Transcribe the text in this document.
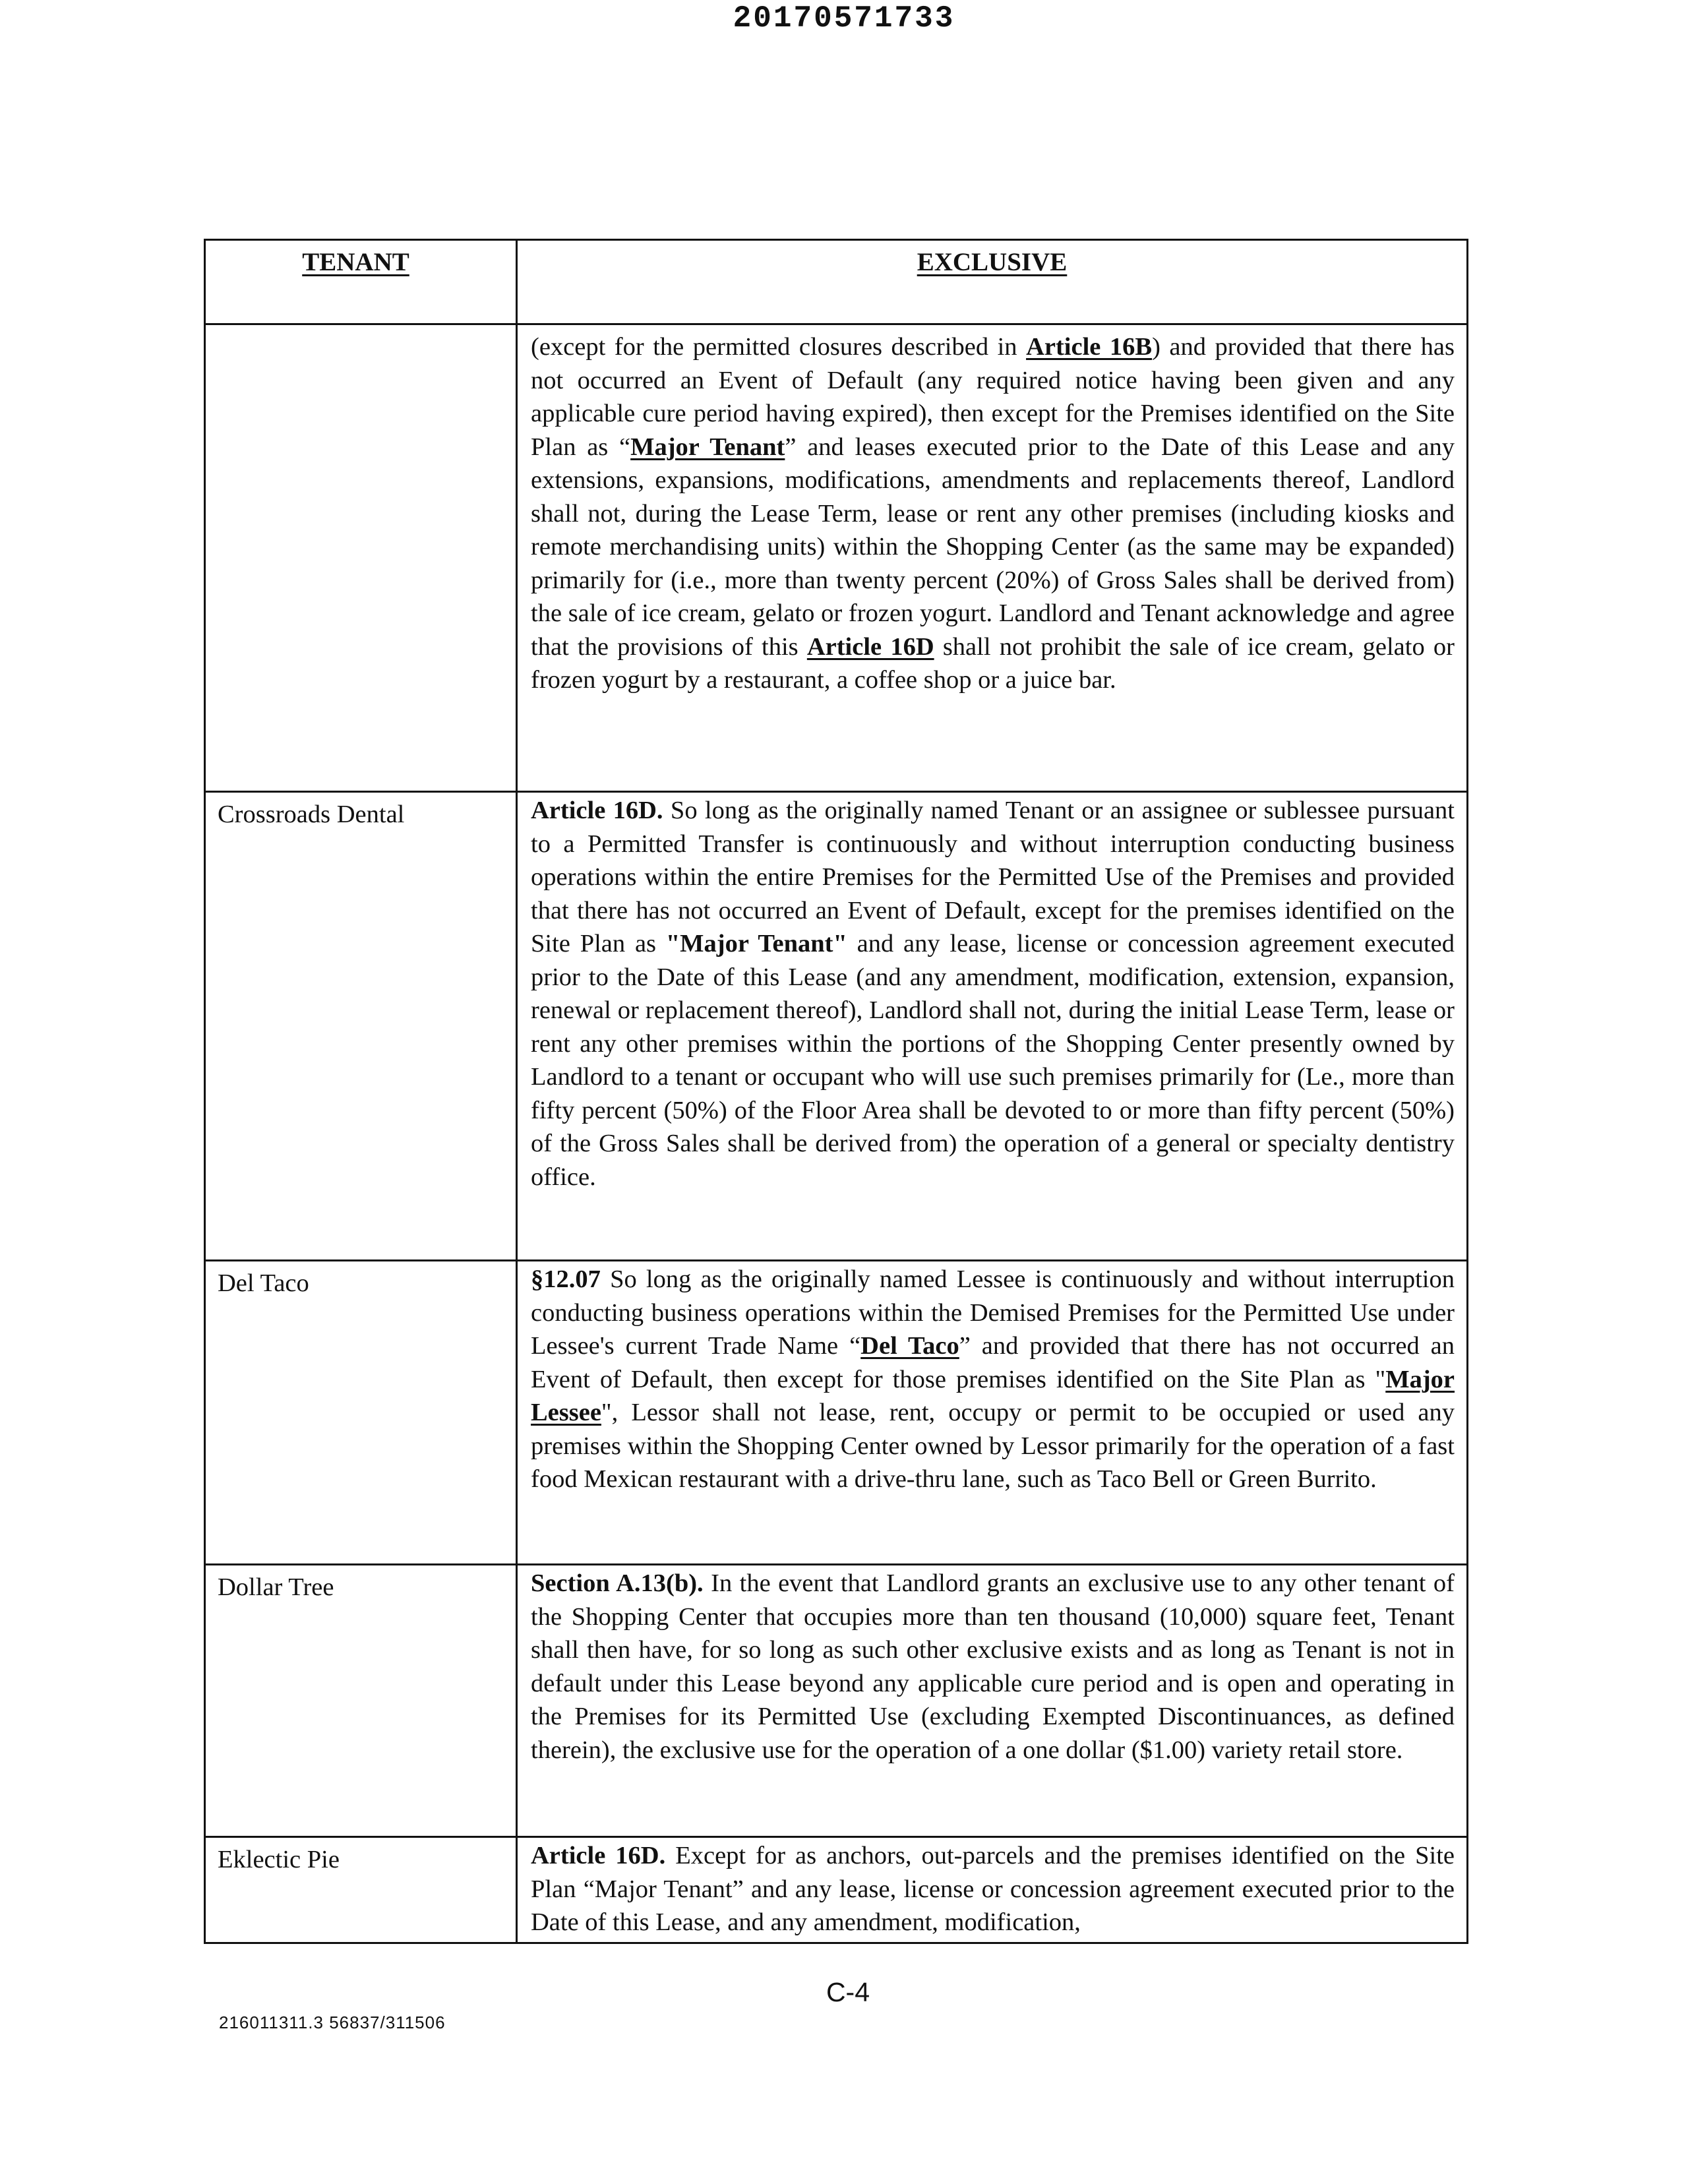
20170571733
TENANT	EXCLUSIVE

	(except for the permitted closures described in Article 16B) and provided that there has not occurred an Event of Default (any required notice having been given and any applicable cure period having expired), then except for the Premises identified on the Site Plan as “Major Tenant” and leases executed prior to the Date of this Lease and any extensions, expansions, modifications, amendments and replacements thereof, Landlord shall not, during the Lease Term, lease or rent any other premises (including kiosks and remote merchandising units) within the Shopping Center (as the same may be expanded) primarily for (i.e., more than twenty percent (20%) of Gross Sales shall be derived from) the sale of ice cream, gelato or frozen yogurt. Landlord and Tenant acknowledge and agree that the provisions of this Article 16D shall not prohibit the sale of ice cream, gelato or frozen yogurt by a restaurant, a coffee shop or a juice bar.

Crossroads Dental	Article 16D. So long as the originally named Tenant or an assignee or sublessee pursuant to a Permitted Transfer is continuously and without interruption conducting business operations within the entire Premises for the Permitted Use of the Premises and provided that there has not occurred an Event of Default, except for the premises identified on the Site Plan as "Major Tenant" and any lease, license or concession agreement executed prior to the Date of this Lease (and any amendment, modification, extension, expansion, renewal or replacement thereof), Landlord shall not, during the initial Lease Term, lease or rent any other premises within the portions of the Shopping Center presently owned by Landlord to a tenant or occupant who will use such premises primarily for (Le., more than fifty percent (50%) of the Floor Area shall be devoted to or more than fifty percent (50%) of the Gross Sales shall be derived from) the operation of a general or specialty dentistry office.

Del Taco	§12.07 So long as the originally named Lessee is continuously and without interruption conducting business operations within the Demised Premises for the Permitted Use under Lessee's current Trade Name “Del Taco” and provided that there has not occurred an Event of Default, then except for those premises identified on the Site Plan as "Major Lessee", Lessor shall not lease, rent, occupy or permit to be occupied or used any premises within the Shopping Center owned by Lessor primarily for the operation of a fast food Mexican restaurant with a drive-thru lane, such as Taco Bell or Green Burrito.

Dollar Tree	Section A.13(b). In the event that Landlord grants an exclusive use to any other tenant of the Shopping Center that occupies more than ten thousand (10,000) square feet, Tenant shall then have, for so long as such other exclusive exists and as long as Tenant is not in default under this Lease beyond any applicable cure period and is open and operating in the Premises for its Permitted Use (excluding Exempted Discontinuances, as defined therein), the exclusive use for the operation of a one dollar ($1.00) variety retail store.

Eklectic Pie	Article 16D. Except for as anchors, out-parcels and the premises identified on the Site Plan “Major Tenant” and any lease, license or concession agreement executed prior to the Date of this Lease, and any amendment, modification,

C-4
216011311.3 56837/311506
